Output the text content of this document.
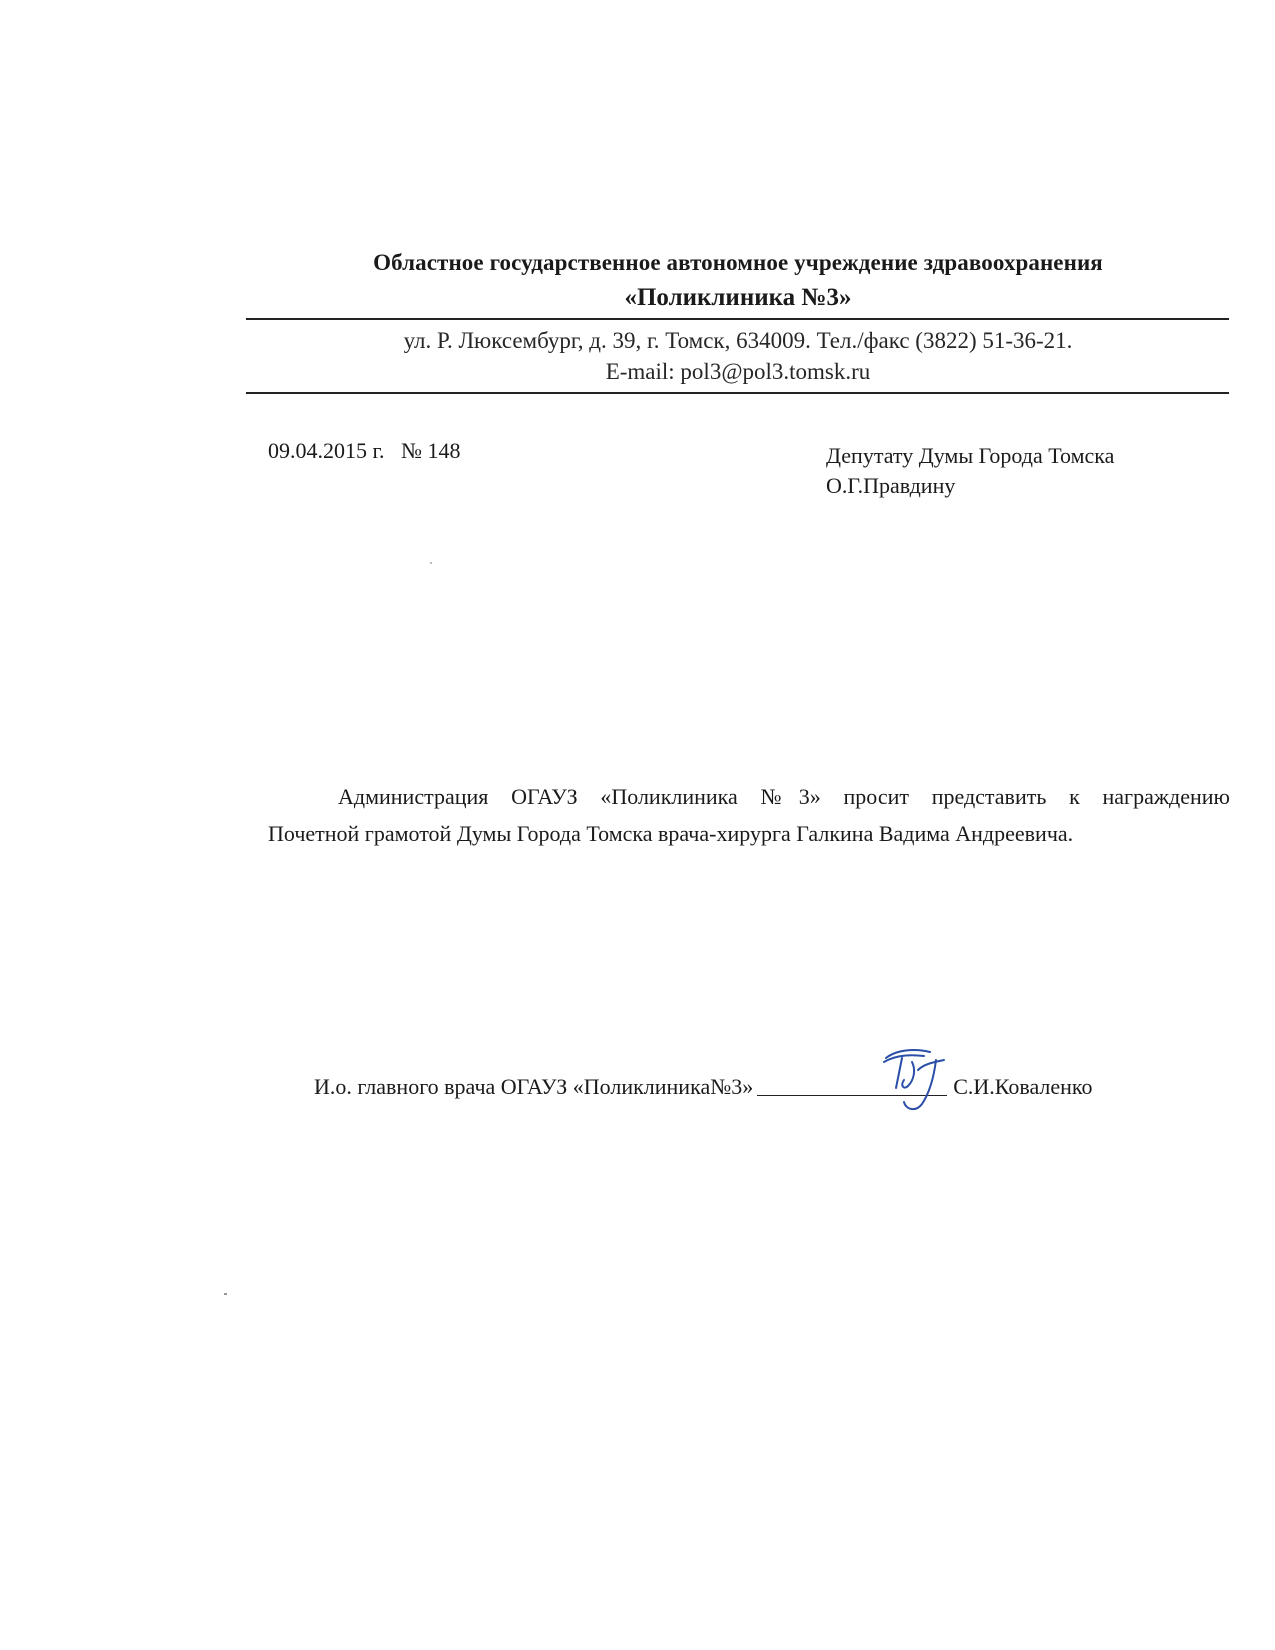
Областное государственное автономное учреждение здравоохранения
«Поликлиника №3»
ул. Р. Люксембург, д. 39, г. Томск, 634009. Тел./факс (3822) 51-36-21.
E-mail: pol3@pol3.tomsk.ru
09.04.2015 г.   № 148	Депутату Думы Города Томска
О.Г.Правдину
Администрация ОГАУЗ «Поликлиника №3» просит представить к награждению
Почетной грамотой Думы Города Томска врача-хирурга Галкина Вадима Андреевича.
И.о. главного врача ОГАУЗ «Поликлиника№3»	С.И.Коваленко
